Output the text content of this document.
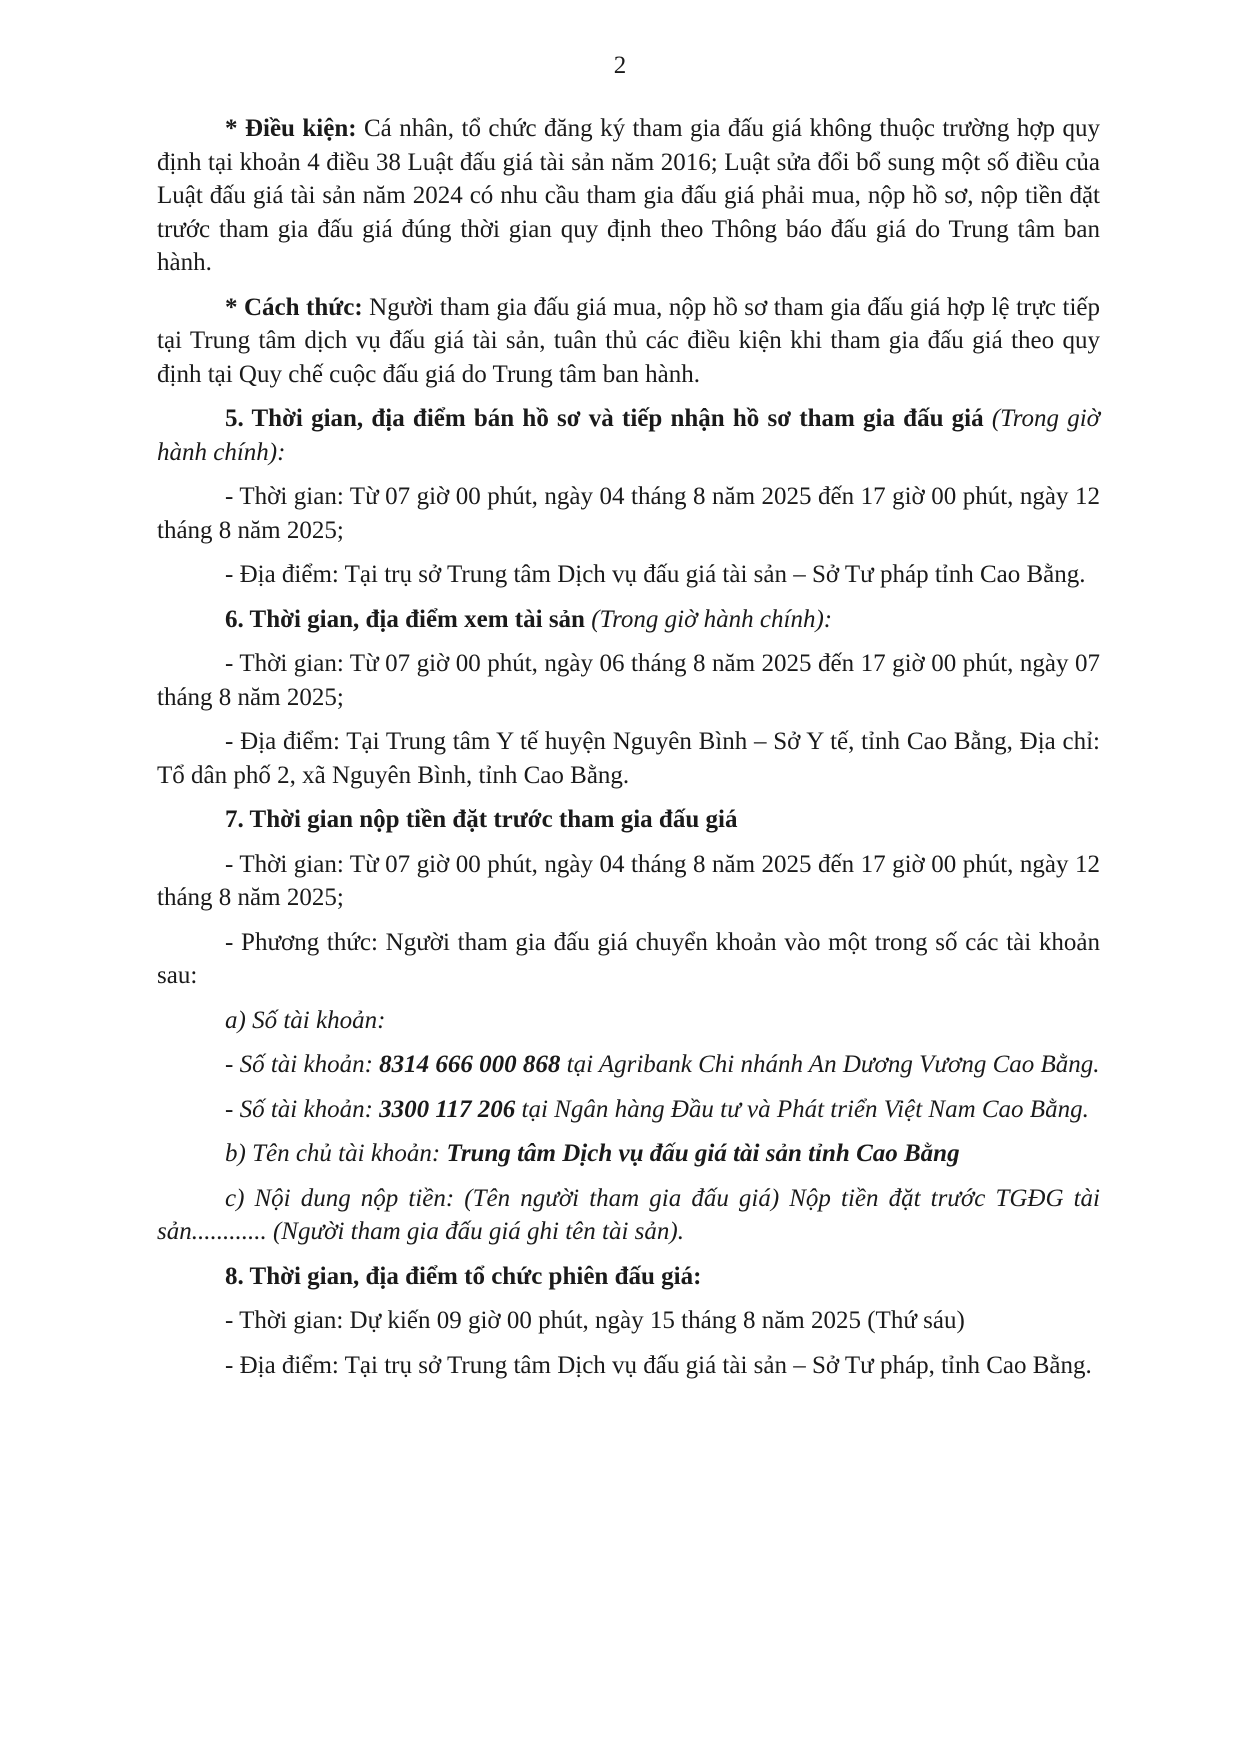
2

* Điều kiện: Cá nhân, tổ chức đăng ký tham gia đấu giá không thuộc trường hợp quy định tại khoản 4 điều 38 Luật đấu giá tài sản năm 2016; Luật sửa đổi bổ sung một số điều của Luật đấu giá tài sản năm 2024 có nhu cầu tham gia đấu giá phải mua, nộp hồ sơ, nộp tiền đặt trước tham gia đấu giá đúng thời gian quy định theo Thông báo đấu giá do Trung tâm ban hành.

* Cách thức: Người tham gia đấu giá mua, nộp hồ sơ tham gia đấu giá hợp lệ trực tiếp tại Trung tâm dịch vụ đấu giá tài sản, tuân thủ các điều kiện khi tham gia đấu giá theo quy định tại Quy chế cuộc đấu giá do Trung tâm ban hành.

5. Thời gian, địa điểm bán hồ sơ và tiếp nhận hồ sơ tham gia đấu giá (Trong giờ hành chính):

- Thời gian: Từ 07 giờ 00 phút, ngày 04 tháng 8 năm 2025 đến 17 giờ 00 phút, ngày 12 tháng 8 năm 2025;

- Địa điểm: Tại trụ sở Trung tâm Dịch vụ đấu giá tài sản – Sở Tư pháp tỉnh Cao Bằng.

6. Thời gian, địa điểm xem tài sản (Trong giờ hành chính):

- Thời gian: Từ 07 giờ 00 phút, ngày 06 tháng 8 năm 2025 đến 17 giờ 00 phút, ngày 07 tháng 8 năm 2025;

- Địa điểm: Tại Trung tâm Y tế huyện Nguyên Bình – Sở Y tế, tỉnh Cao Bằng, Địa chỉ: Tổ dân phố 2, xã Nguyên Bình, tỉnh Cao Bằng.

7. Thời gian nộp tiền đặt trước tham gia đấu giá

- Thời gian: Từ 07 giờ 00 phút, ngày 04 tháng 8 năm 2025 đến 17 giờ 00 phút, ngày 12 tháng 8 năm 2025;

- Phương thức: Người tham gia đấu giá chuyển khoản vào một trong số các tài khoản sau:

a) Số tài khoản:

- Số tài khoản: 8314 666 000 868 tại Agribank Chi nhánh An Dương Vương Cao Bằng.

- Số tài khoản: 3300 117 206 tại Ngân hàng Đầu tư và Phát triển Việt Nam Cao Bằng.

b) Tên chủ tài khoản: Trung tâm Dịch vụ đấu giá tài sản tỉnh Cao Bằng

c) Nội dung nộp tiền: (Tên người tham gia đấu giá) Nộp tiền đặt trước TGĐG tài sản............ (Người tham gia đấu giá ghi tên tài sản).

8. Thời gian, địa điểm tổ chức phiên đấu giá:

- Thời gian: Dự kiến 09 giờ 00 phút, ngày 15 tháng 8 năm 2025 (Thứ sáu)

- Địa điểm: Tại trụ sở Trung tâm Dịch vụ đấu giá tài sản – Sở Tư pháp, tỉnh Cao Bằng.
